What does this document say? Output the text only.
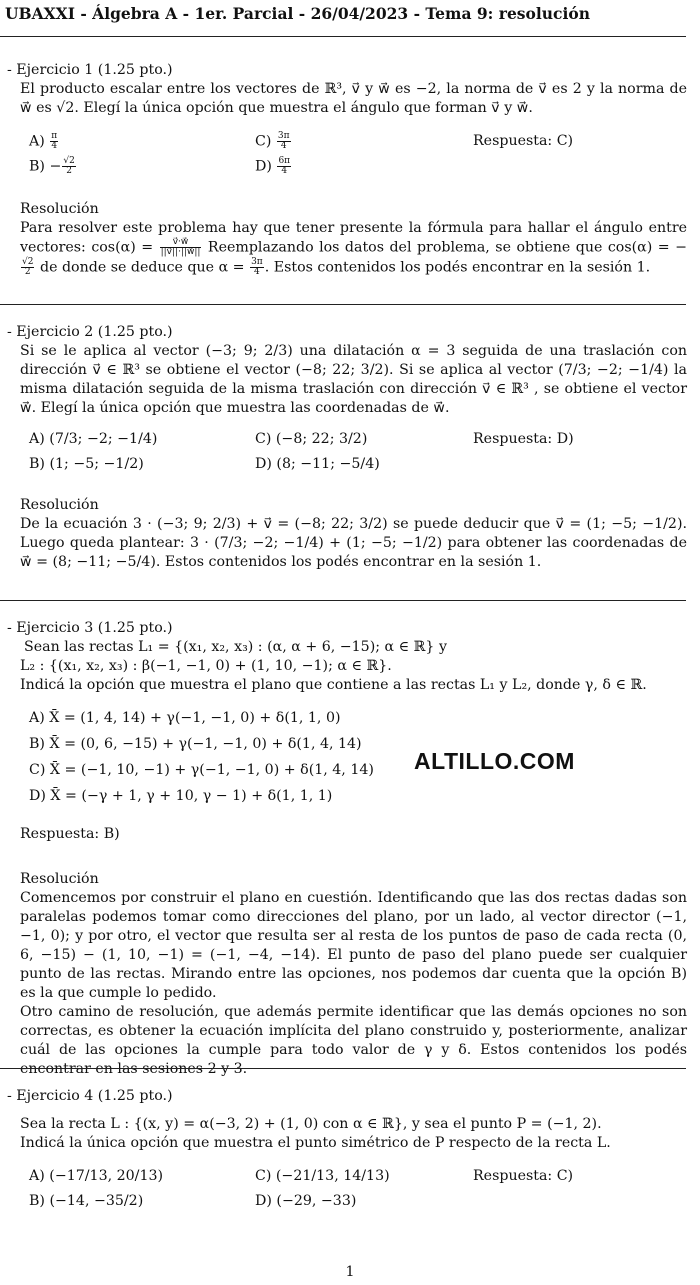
UBAXXI - Álgebra A - 1er. Parcial - 26/04/2023 - Tema 9: resolución

- Ejercicio 1 (1.25 pto.)

El producto escalar entre los vectores de ℝ³, v⃗ y w⃗ es −2, la norma de v⃗ es 2 y la norma de w⃗ es √2. Elegí la única opción que muestra el ángulo que forman v⃗ y w⃗.

$A) \frac{\pi}{4}$	$C) \frac{3\pi}{4}$	Respuesta: C)
$B) - \frac{√2}{2}$	$D) \frac{6\pi}{4}$

Resolución

Para resolver este problema hay que tener presente la fórmula para hallar el ángulo entre vectores: $\cos(\alpha) = \frac{v⃗\cdot w⃗}{||v⃗||\cdot||w⃗||}$ Reemplazando los datos del problema, se obtiene que cos(α) = −
$\frac{√2}{2}$ de donde se deduce que $\alpha = \frac{3\pi}{4}$ . Estos contenidos los podés encontrar en la sesión 1.

- Ejercicio 2 (1.25 pto.)

Si se le aplica al vector (−3; 9; 2/3) una dilatación α = 3 seguida de una traslación con dirección v⃗ ∈ ℝ³ se obtiene el vector (−8; 22; 3/2). Si se aplica al vector (7/3; −2; −1/4) la misma dilatación seguida de la misma traslación con dirección v⃗ ∈ ℝ³ , se obtiene el vector w⃗. Elegí la única opción que muestra las coordenadas de w⃗.

A) (7/3; −2; −1/4)	C) (−8; 22; 3/2)	Respuesta: D)
B) (1; −5; −1/2)	D) (8; −11; −5/4)

Resolución

De la ecuación 3 · (−3; 9; 2/3) + v⃗ = (−8; 22; 3/2) se puede deducir que v⃗ = (1; −5; −1/2). Luego queda plantear: 3 · (7/3; −2; −1/4) + (1; −5; −1/2) para obtener las coordenadas de w⃗ = (8; −11; −5/4). Estos contenidos los podés encontrar en la sesión 1.

- Ejercicio 3 (1.25 pto.)

Sean las rectas L₁ = {(x₁, x₂, x₃) : (α, α + 6, −15); α ∈ ℝ} y

L₂ : {(x₁, x₂, x₃) : β(−1, −1, 0) + (1, 10, −1); α ∈ ℝ}.

Indicá la opción que muestra el plano que contiene a las rectas L₁ y L₂, donde γ, δ ∈ ℝ.

A) X̄ = (1, 4, 14) + γ(−1, −1, 0) + δ(1, 1, 0)
B) X̄ = (0, 6, −15) + γ(−1, −1, 0) + δ(1, 4, 14)
C) X̄ = (−1, 10, −1) + γ(−1, −1, 0) + δ(1, 4, 14)
D) X̄ = (−γ + 1, γ + 10, γ − 1) + δ(1, 1, 1)

Respuesta: B)

Resolución

Comencemos por construir el plano en cuestión. Identificando que las dos rectas dadas son paralelas podemos tomar como direcciones del plano, por un lado, al vector director (−1, −1, 0); y por otro, el vector que resulta ser al resta de los puntos de paso de cada recta (0, 6, −15) − (1, 10, −1) = (−1, −4, −14). El punto de paso del plano puede ser cualquier punto de las rectas. Mirando entre las opciones, nos podemos dar cuenta que la opción B) es la que cumple lo pedido.

Otro camino de resolución, que además permite identificar que las demás opciones no son correctas, es obtener la ecuación implícita del plano construido y, posteriormente, analizar cuál de las opciones la cumple para todo valor de γ y δ. Estos contenidos los podés encontrar en las sesiones 2 y 3.

ALTILLO.COM

- Ejercicio 4 (1.25 pto.)

Sea la recta L : {(x, y) = α(−3, 2) + (1, 0) con α ∈ ℝ}, y sea el punto P = (−1, 2).

Indicá la única opción que muestra el punto simétrico de P respecto de la recta L.

A) (−17/13, 20/13)	C) (−21/13, 14/13)	Respuesta: C)
B) (−14, −35/2)	D) (−29, −33)
1
